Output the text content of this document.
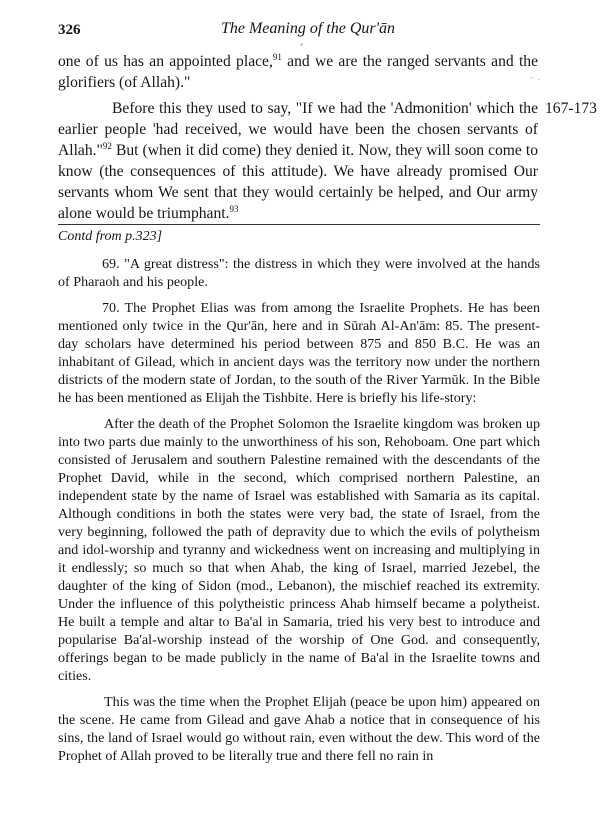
326	The Meaning of the Qur'ān

one of us has an appointed place,$^{91}$ and we are the ranged servants and the glorifiers (of Allah)."

Before this they used to say, "If we had the 'Admonition' which the earlier people 'had received, we would have been the chosen servants of Allah."$^{92}$ But (when it did come) they denied it. Now, they will soon come to know (the consequences of this attitude). We have already promised Our servants whom We sent that they would certainly be helped, and Our army alone would be triumphant.$^{93}$

167-173

Contd from p.323]

69. "A great distress": the distress in which they were involved at the hands of Pharaoh and his people.

70. The Prophet Elias was from among the Israelite Prophets. He has been mentioned only twice in the Qur'ān, here and in Sūrah Al-An'ām: 85. The present-day scholars have determined his period between 875 and 850 B.C. He was an inhabitant of Gilead, which in ancient days was the territory now under the northern districts of the modern state of Jordan, to the south of the River Yarmūk. In the Bible he has been mentioned as Elijah the Tishbite. Here is briefly his life-story:

After the death of the Prophet Solomon the Israelite kingdom was broken up into two parts due mainly to the unworthiness of his son, Rehoboam. One part which consisted of Jerusalem and southern Palestine remained with the descendants of the Prophet David, while in the second, which comprised northern Palestine, an independent state by the name of Israel was established with Samaria as its capital. Although conditions in both the states were very bad, the state of Israel, from the very beginning, followed the path of depravity due to which the evils of polytheism and idol-worship and tyranny and wickedness went on increasing and multiplying in it endlessly; so much so that when Ahab, the king of Israel, married Jezebel, the daughter of the king of Sidon (mod., Lebanon), the mischief reached its extremity. Under the influence of this polytheistic princess Ahab himself became a polytheist. He built a temple and altar to Ba'al in Samaria, tried his very best to introduce and popularise Ba'al-worship instead of the worship of One God. and consequently, offerings began to be made publicly in the name of Ba'al in the Israelite towns and cities.

This was the time when the Prophet Elijah (peace be upon him) appeared on the scene. He came from Gilead and gave Ahab a notice that in consequence of his sins, the land of Israel would go without rain, even without the dew. This word of the Prophet of Allah proved to be literally true and there fell no rain in

-  .
•
